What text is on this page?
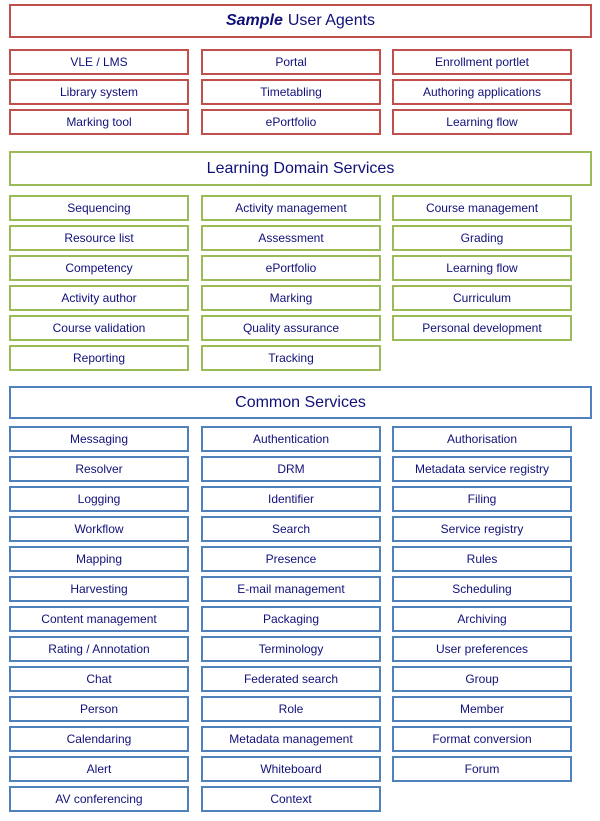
Sample User Agents
VLE / LMS	Portal	Enrollment portlet
Library system	Timetabling	Authoring applications
Marking tool	ePortfolio	Learning flow
Learning Domain Services
Sequencing	Activity management	Course management
Resource list	Assessment	Grading
Competency	ePortfolio	Learning flow
Activity author	Marking	Curriculum
Course validation	Quality assurance	Personal development
Reporting	Tracking
Common Services
Messaging	Authentication	Authorisation
Resolver	DRM	Metadata service registry
Logging	Identifier	Filing
Workflow	Search	Service registry
Mapping	Presence	Rules
Harvesting	E-mail management	Scheduling
Content management	Packaging	Archiving
Rating / Annotation	Terminology	User preferences
Chat	Federated search	Group
Person	Role	Member
Calendaring	Metadata management	Format conversion
Alert	Whiteboard	Forum
AV conferencing	Context
